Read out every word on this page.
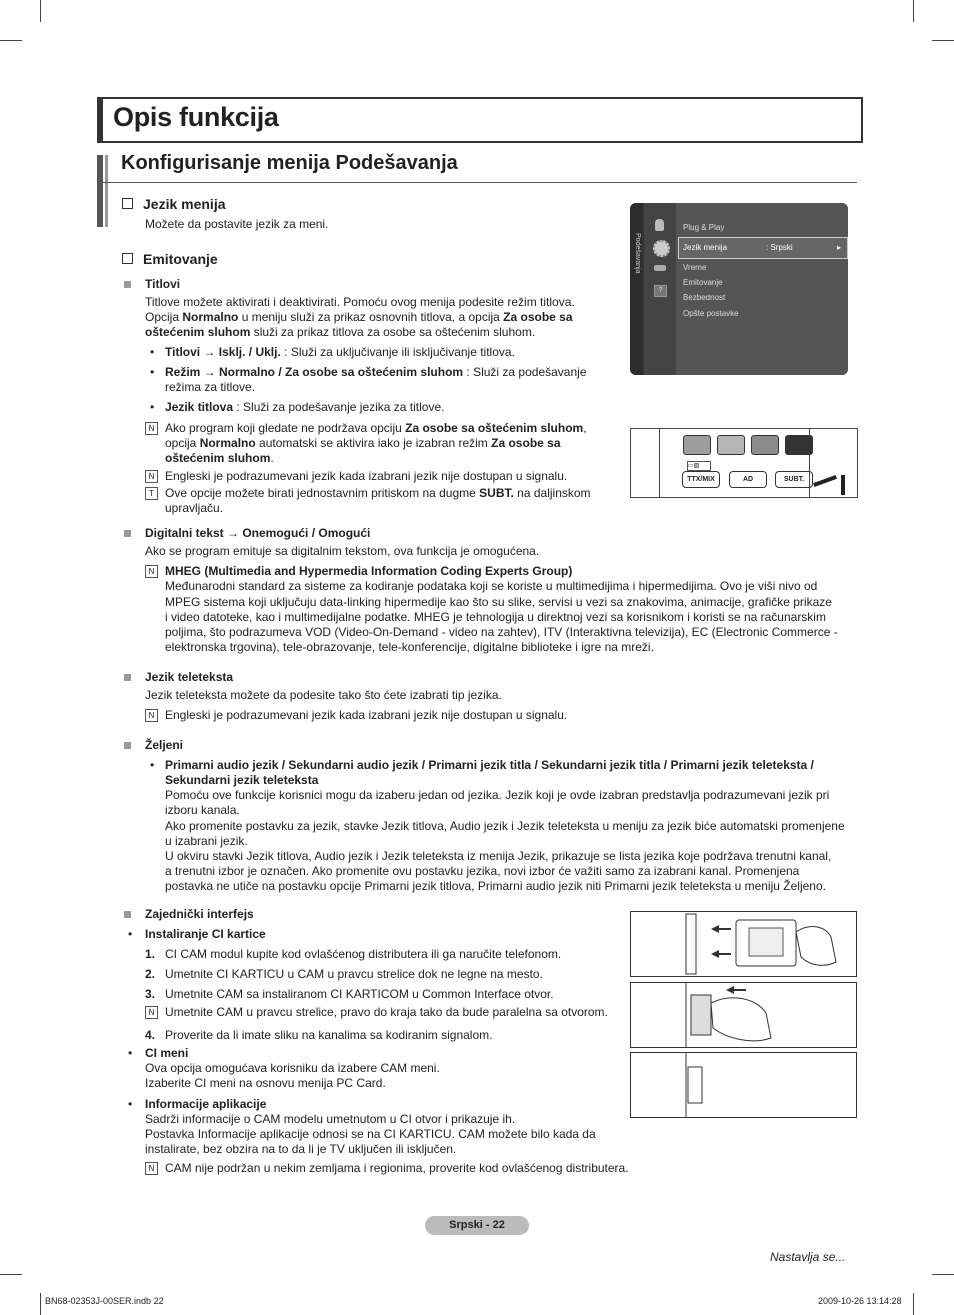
Opis funkcija
Konfigurisanje menija Podešavanja
Jezik menija
Možete da postavite jezik za meni.
Emitovanje
Titlovi
Titlove možete aktivirati i deaktivirati. Pomoću ovog menija podesite režim titlova.
Opcija Normalno u meniju služi za prikaz osnovnih titlova, a opcija Za osobe sa
oštećenim sluhom služi za prikaz titlova za osobe sa oštećenim sluhom.
• Titlovi → Isklj. / Uklj. : Služi za uključivanje ili isključivanje titlova.
• Režim → Normalno / Za osobe sa oštećenim sluhom : Služi za podešavanje
režima za titlove.
• Jezik titlova : Služi za podešavanje jezika za titlove.
N Ako program koji gledate ne podržava opciju Za osobe sa oštećenim sluhom,
opcija Normalno automatski se aktivira iako je izabran režim Za osobe sa
oštećenim sluhom.
N Engleski je podrazumevani jezik kada izabrani jezik nije dostupan u signalu.
T Ove opcije možete birati jednostavnim pritiskom na dugme SUBT. na daljinskom
upravljaču.
Podešavanja
?
Plug & Play
Jezik menija	: Srpski	▸
Vreme
Emitovanje
Bezbednost
Opšte postavke
▭▨
TTX/MIX	AD	SUBT.
Digitalni tekst → Onemogući / Omogući
Ako se program emituje sa digitalnim tekstom, ova funkcija je omogućena.
N MHEG (Multimedia and Hypermedia Information Coding Experts Group)
Međunarodni standard za sisteme za kodiranje podataka koji se koriste u multimedijima i hipermedijima. Ovo je viši nivo od
MPEG sistema koji uključuju data-linking hipermedije kao što su slike, servisi u vezi sa znakovima, animacije, grafičke prikaze
i video datoteke, kao i multimedijalne podatke. MHEG je tehnologija u direktnoj vezi sa korisnikom i koristi se na računarskim
poljima, što podrazumeva VOD (Video-On-Demand - video na zahtev), ITV (Interaktivna televizija), EC (Electronic Commerce -
elektronska trgovina), tele-obrazovanje, tele-konferencije, digitalne biblioteke i igre na mreži.
Jezik teleteksta
Jezik teleteksta možete da podesite tako što ćete izabrati tip jezika.
N Engleski je podrazumevani jezik kada izabrani jezik nije dostupan u signalu.
Željeni
• Primarni audio jezik / Sekundarni audio jezik / Primarni jezik titla / Sekundarni jezik titla / Primarni jezik teleteksta /
Sekundarni jezik teleteksta
Pomoću ove funkcije korisnici mogu da izaberu jedan od jezika. Jezik koji je ovde izabran predstavlja podrazumevani jezik pri
izboru kanala.
Ako promenite postavku za jezik, stavke Jezik titlova, Audio jezik i Jezik teleteksta u meniju za jezik biće automatski promenjene
u izabrani jezik.
U okviru stavki Jezik titlova, Audio jezik i Jezik teleteksta iz menija Jezik, prikazuje se lista jezika koje podržava trenutni kanal,
a trenutni izbor je označen. Ako promenite ovu postavku jezika, novi izbor će važiti samo za izabrani kanal. Promenjena
postavka ne utiče na postavku opcije Primarni jezik titlova, Primarni audio jezik niti Primarni jezik teleteksta u meniju Željeno.
Zajednički interfejs
• Instaliranje CI kartice
1. CI CAM modul kupite kod ovlašćenog distributera ili ga naručite telefonom.
2. Umetnite CI KARTICU u CAM u pravcu strelice dok ne legne na mesto.
3. Umetnite CAM sa instaliranom CI KARTICOM u Common Interface otvor.
N Umetnite CAM u pravcu strelice, pravo do kraja tako da bude paralelna sa otvorom.
4. Proverite da li imate sliku na kanalima sa kodiranim signalom.
• CI meni
Ova opcija omogućava korisniku da izabere CAM meni.
Izaberite CI meni na osnovu menija PC Card.
• Informacije aplikacije
Sadrži informacije o CAM modelu umetnutom u CI otvor i prikazuje ih.
Postavka Informacije aplikacije odnosi se na CI KARTICU. CAM možete bilo kada da
instalirate, bez obzira na to da li je TV uključen ili isključen.
N CAM nije podržan u nekim zemljama i regionima, proverite kod ovlašćenog distributera.
Srpski - 22
Nastavlja se...
BN68-02353J-00SER.indb 22	2009-10-26 13:14:28
